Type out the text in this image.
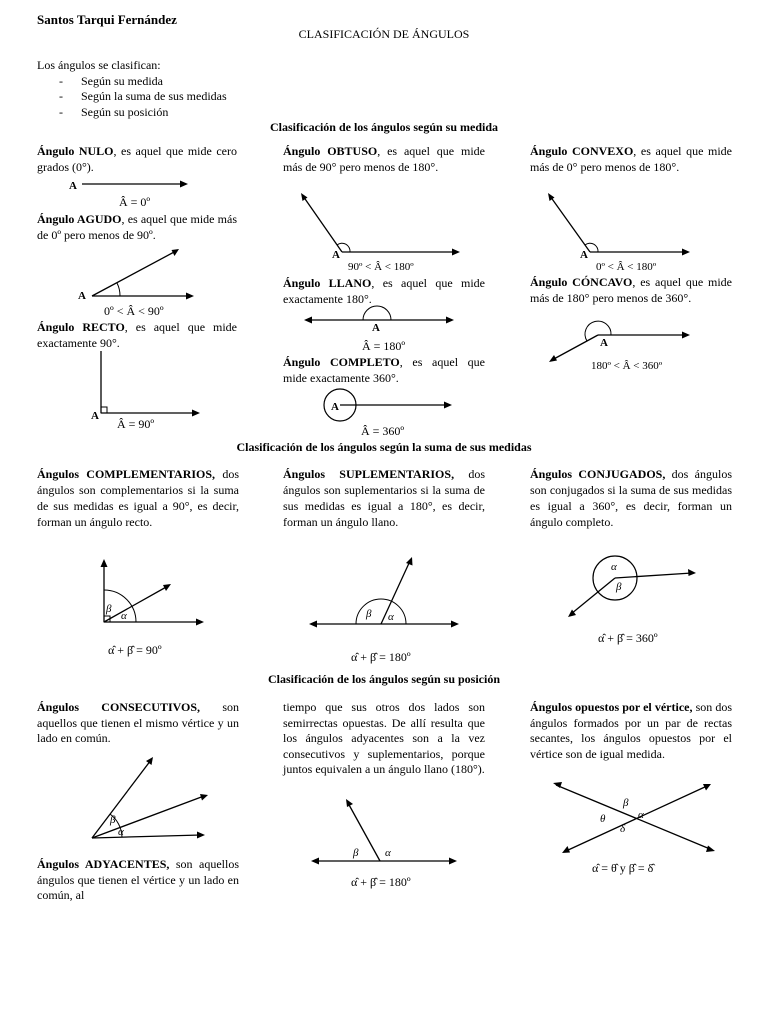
Santos Tarqui Fernández
CLASIFICACIÓN DE ÁNGULOS
Los ángulos se clasifican:
- Según su medida
- Según la suma de sus medidas
- Según su posición
Clasificación de los ángulos según su medida
Ángulo NULO, es aquel que mide cero grados (0°).
A
Â = 0º
Ángulo AGUDO, es aquel que mide más de 0º pero menos de 90º.
A
0º < Â < 90º
Ángulo RECTO, es aquel que mide exactamente 90°.
A
Â = 90º
Ángulo OBTUSO, es aquel que mide más de 90° pero menos de 180°.
A
90º < Â < 180º
Ángulo LLANO, es aquel que mide exactamente 180°.
A
Â = 180º
Ángulo COMPLETO, es aquel que mide exactamente 360°.
A
Â = 360º
Ángulo CONVEXO, es aquel que mide más de 0° pero menos de 180°.
A
0º < Â < 180º
Ángulo CÓNCAVO, es aquel que mide más de 180° pero menos de 360°.
A
180º < Â < 360º
Clasificación de los ángulos según la suma de sus medidas
Ángulos COMPLEMENTARIOS, dos ángulos son complementarios si la suma de sus medidas es igual a 90°, es decir, forman un ángulo recto.
β
α
α̂ + β̂ = 90º
Ángulos SUPLEMENTARIOS, dos ángulos son suplementarios si la suma de sus medidas es igual a 180°, es decir, forman un ángulo llano.
β α
α̂ + β̂ = 180º
Ángulos CONJUGADOS, dos ángulos son conjugados si la suma de sus medidas es igual a 360°, es decir, forman un ángulo completo.
α
β
α̂ + β̂ = 360º
Clasificación de los ángulos según su posición
Ángulos CONSECUTIVOS, son aquellos que tienen el mismo vértice y un lado en común.
β
α
Ángulos ADYACENTES, son aquellos ángulos que tienen el vértice y un lado en común, al
tiempo que sus otros dos lados son semirrectas opuestas. De allí resulta que los ángulos adyacentes son a la vez consecutivos y suplementarios, porque juntos equivalen a un ángulo llano (180°).
β α
α̂ + β̂ = 180º
Ángulos opuestos por el vértice, son dos ángulos formados por un par de rectas secantes, los ángulos opuestos por el vértice son de igual medida.
β
θ	α
δ
α̂ = θ̂ y β̂ = δ̂
